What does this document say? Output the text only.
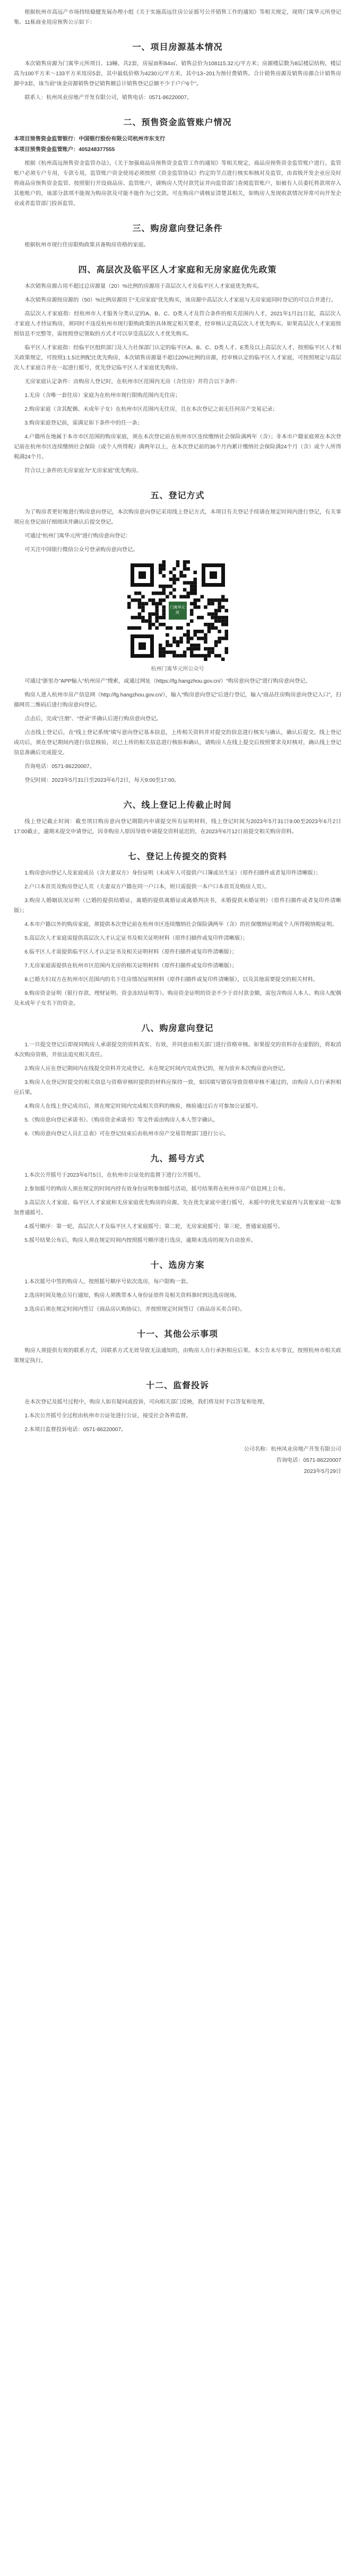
根据杭州市高远产市场持续稳健发展办理小组《关于实施高远住房公证摇号公开销售工作的通知》等相关规定，现将门寓华元所登记集、11栋商业用房预售公示如下：

一、项目房源基本情况

本次销售房源为门寓华元所项目、13幢、共2套，房屋面积84㎡、销售总价为108115.32元/平方米；房源楼层数为8层楼层结构，楼层高为100平方米～133平方米用房5套，其中最低价格为4230元/平方米，其中13~201为预付费销售。合计销售房源及销售房源合计销售房源中3套，该当前“该金房源销售登记销售额总计销售登记总额不少于户户6个”。

联系人：杭州凤业房地产开发有限公司，销售电话：0571-86220007。

二、预售资金监管账户情况

本项目预售资金监管银行：中国银行股份有限公司杭州市东支行

本项目预售资金监管账户：405248377555

根据《杭州高远预售资金监管办法》，《关于加强商品房预售资金监管工作的通知》等相关规定，商品房预售资金监管账户进行。监管账户必须专户专用，专款专用，监管账户资金使用必须按照《资金监管协议》约定的节点进行核实和核对及监管，由省级开发企业应及时将商品房预售资金监管、按照银行开设商品房、监管账户，请购房人凭付款凭证并向监管部门查阅监管账户，如被有人员委托将款项存入其他账户的，该部分款项不能视为购房款及可能不能作为已交款。可在购房户请核证清楚其相关，如购房人发现收款情况异常可向开发企业或者监管部门投诉监管。

三、购房意向登记条件

根据杭州市现行住房限购政策具备购房资格的家庭。

四、高层次及临平区人才家庭和无房家庭优先政策

本次销售房源占用不超过总房源量（20）%比例的房源用于高层次人才及临平区人才家庭优先购买。

本次销售房源按房源的（50）%比例房源用于“无房家庭”优先购买，该房源中高层次人才家庭与无房家庭同时登记的可以合并进行。

高层次人才家庭指：经杭州市人才服务分类认定的A、B、C、D类人才及符合条件的相关范围内人才，2021年1月21日起，高层次人才家庭人才持证购房，须同时不违反杭州市现行限购政策的具体规定相关要求，经审核认定高层次人才优先购买、如果高层次人才家庭按照信息不完整等，需按照登记领取的方式才可以享受高层次人才优先购买。

临平区人才家庭指：经临平区组织部门及人力社保部门认定的临平区A、B、C、D类人才、E类及以上高层次人才，按照临平区人才相关政策规定，可按照1:1.5比例配比优先购房，本次销售房源量不超过20%比例的房源，经审核认定的临平区人才家庭，可按照规定与高层次人才家庭合并在一起进行摇号，优先登记临平区人才家庭优先购房。

无房家庭认定条件：由购房人登记时，在杭州市区范围内无房（含住房）并符合以下条件：

1.无房（含唯一套住房）家庭为在杭州市现行限购范围内无住房；

2.购房家庭（含其配偶、未成年子女）在杭州市区范围内无住房，且在本次登记之前无任何房产交易记录；

3.购房家庭登记前，需满足如下条件中的任一条；

4.户籍所在地属于本市市区范围的购房家庭，须在本次登记前在杭州市区连续缴纳社会保险满两年（含）；非本市户籍家庭须在本次登记前在杭州市区连续缴纳社会保险（或个人所得税）满两年以上，在本次登记前的36个月内累计缴纳社会保险满24个月（含）或个人所得税满24个月。

符合以上条件的无房家庭为“无房家庭”优先购房。

五、登记方式

为了购房者更好地进行购房意向登记，本次购房意向登记采用线上登记方式，本项目有关登记手续请在规定时间内进行登记，有关事项应在登记前仔细阅读并确认后提交登记。

可通过“杭州门寓华元所”进行购房意向登记：

可关注中国银行微信公众号登录购房意向登记。

门寓华元所
杭州门寓华元所公众号

可通过“浙里办”APP输入“杭州房产”搜索，或通过网址（https://fg.hangzhou.gov.cn/）“购房意向登记”进行购房意向登记。

购房人进入杭州市房产信息网（http://fg.hangzhou.gov.cn/），输入“购房意向登记”后进行登记，输入“商品住房购房意向登记入口”，扫描网页二维码后进行购房意向登记。

点击后，完成“注册”、“登录”并确认后进行购房意向登记。

点击线上登记后，在“线上登记系统”填写意向登记基本信息，上传相关资料并对提交的信息进行核实与确认，确认后提交。线上登记成功后，须在登记期间内进行信息核验，对已上传的相关信息进行核验和确认，请购房人在线上提交后按照要求及时核对，确认线上登记信息准确后完成提交。

咨询电话：0571-86220007。

登记时间：2023年5月31日至2023年6月2日，每天9:00至17:00。

六、线上登记上传截止时间

线上登记截止时间：截至项目购房意向登记期限内申请提交所有证明材料，线上登记时间为2023年5月31日9:00至2023年6月2日17:00截止，逾期未提交申请登记，因非购房人原因导致申请提交资料延迟的，在2023年6月12日前提交相关购房资料。

七、登记上传提交的资料

1.购房意向登记人及家庭成员（含夫妻双方）身份证明（未成年人可提供户口簿或出生证）（原件扫描件或者复印件清晰版）；

2.户口本首页及购房登记人页（夫妻双方户籍在同一户口本，则只需提供一本户口本首页及购房人页）。

3.购房人婚姻状况证明（已婚的提供结婚证，离婚的提供离婚证或离婚判决书，未婚提供未婚证明）（原件扫描件或者复印件清晰版）；

4.本市户籍以外的购房家庭，须提供本次登记前在杭州市区连续缴纳社会保险满两年（含）的社保缴纳证明或个人所得税纳税证明。

5.高层次人才家庭需提供高层次人才认定证书及相关证明材料（原件扫描件或复印件清晰版）；

6.临平区人才需提供临平区人才认定证书及相关证明材料（原件扫描件或复印件清晰版）；

7.无房家庭需提供在杭州市区范围内无房的相关证明材料（原件扫描件或复印件清晰版）；

8.已婚夫妇双方在杭州市区范围内的名下住房情况证明材料（原件扫描件或复印件清晰版），以及其他需要提交的相关材料。

9.购房资金证明（银行存款、理财证明、资金冻结证明等）。购房资金证明的资金不少于首付款金额，需包含购房人本人、购房人配偶及未成年子女名下的资金。

八、购房意向登记

1.一旦提交登记后即视同购房人承诺提交的资料真实、有效，并同意由相关部门进行资格审核。如果提交的资料存在虚假的，将取消本次购房资格，并依法追究相关责任。

2.购房人应在登记期间内在线提交资料并完成登记。未在规定时间内完成登记的，视为放弃本次购房意向登记。

3.购房人在登记时提交的相关信息与资格审核时提供的材料应保持一致，如因填写错误导致资格审核不通过的，由购房人自行承担相应后果。

4.购房人在线上登记成功后，须在规定时间内完成相关资料的核验，核验通过后方可参加公证摇号。

5.《购房意向登记承诺书》、《购房资金承诺书》等文件需由购房人本人签字确认。

6.《购房意向登记人员汇总表》可在登记结束后由杭州市房产交易管理部门进行公示。

九、摇号方式

1.本次公开摇号于2023年6月5日，在杭州市公证处的监督下进行公开摇号。

2.参加摇号的购房人须在规定的时间内持有效身份证明参加摇号活动，摇号结果将在杭州市房产信息网上公布。

3.高层次人才家庭、临平区人才家庭和无房家庭优先购房的房源，先在优先家庭中进行摇号，未摇中的优先家庭再与其他家庭一起参加普通摇号。

4.摇号顺序：第一轮，高层次人才及临平区人才家庭摇号；第二轮，无房家庭摇号；第三轮，普通家庭摇号。

5.摇号结果公布后，购房人须在规定时间内按照摇号顺序进行选房，逾期未选房的视为自动放弃。

十、选房方案

1.本次摇号中签的购房人，按照摇号顺序号依次选房，每户限购一套。

2.选房时间及地点另行通知，购房人须携带本人身份证原件及相关资料准时到达选房现场。

3.选房后须在规定时间内签订《商品房认购协议》，并按照规定时间签订《商品房买卖合同》。

十一、其他公示事项

购房人须提供有效的联系方式，因联系方式无效导致无法通知的，由购房人自行承担相应后果。本公告未尽事宜，按照杭州市相关政策规定执行。

十二、监督投诉

在本次登记及摇号过程中，购房人如有疑问或投诉，可向相关部门反映，我们将及时予以答复和处理。

1.本次公开摇号全过程由杭州市公证处进行公证，接受社会各界监督。

2.本项目监督投诉电话：0571-86220007。

公司名称：杭州凤业房地产开发有限公司

咨询电话：0571-86220007

2023年5月29日
